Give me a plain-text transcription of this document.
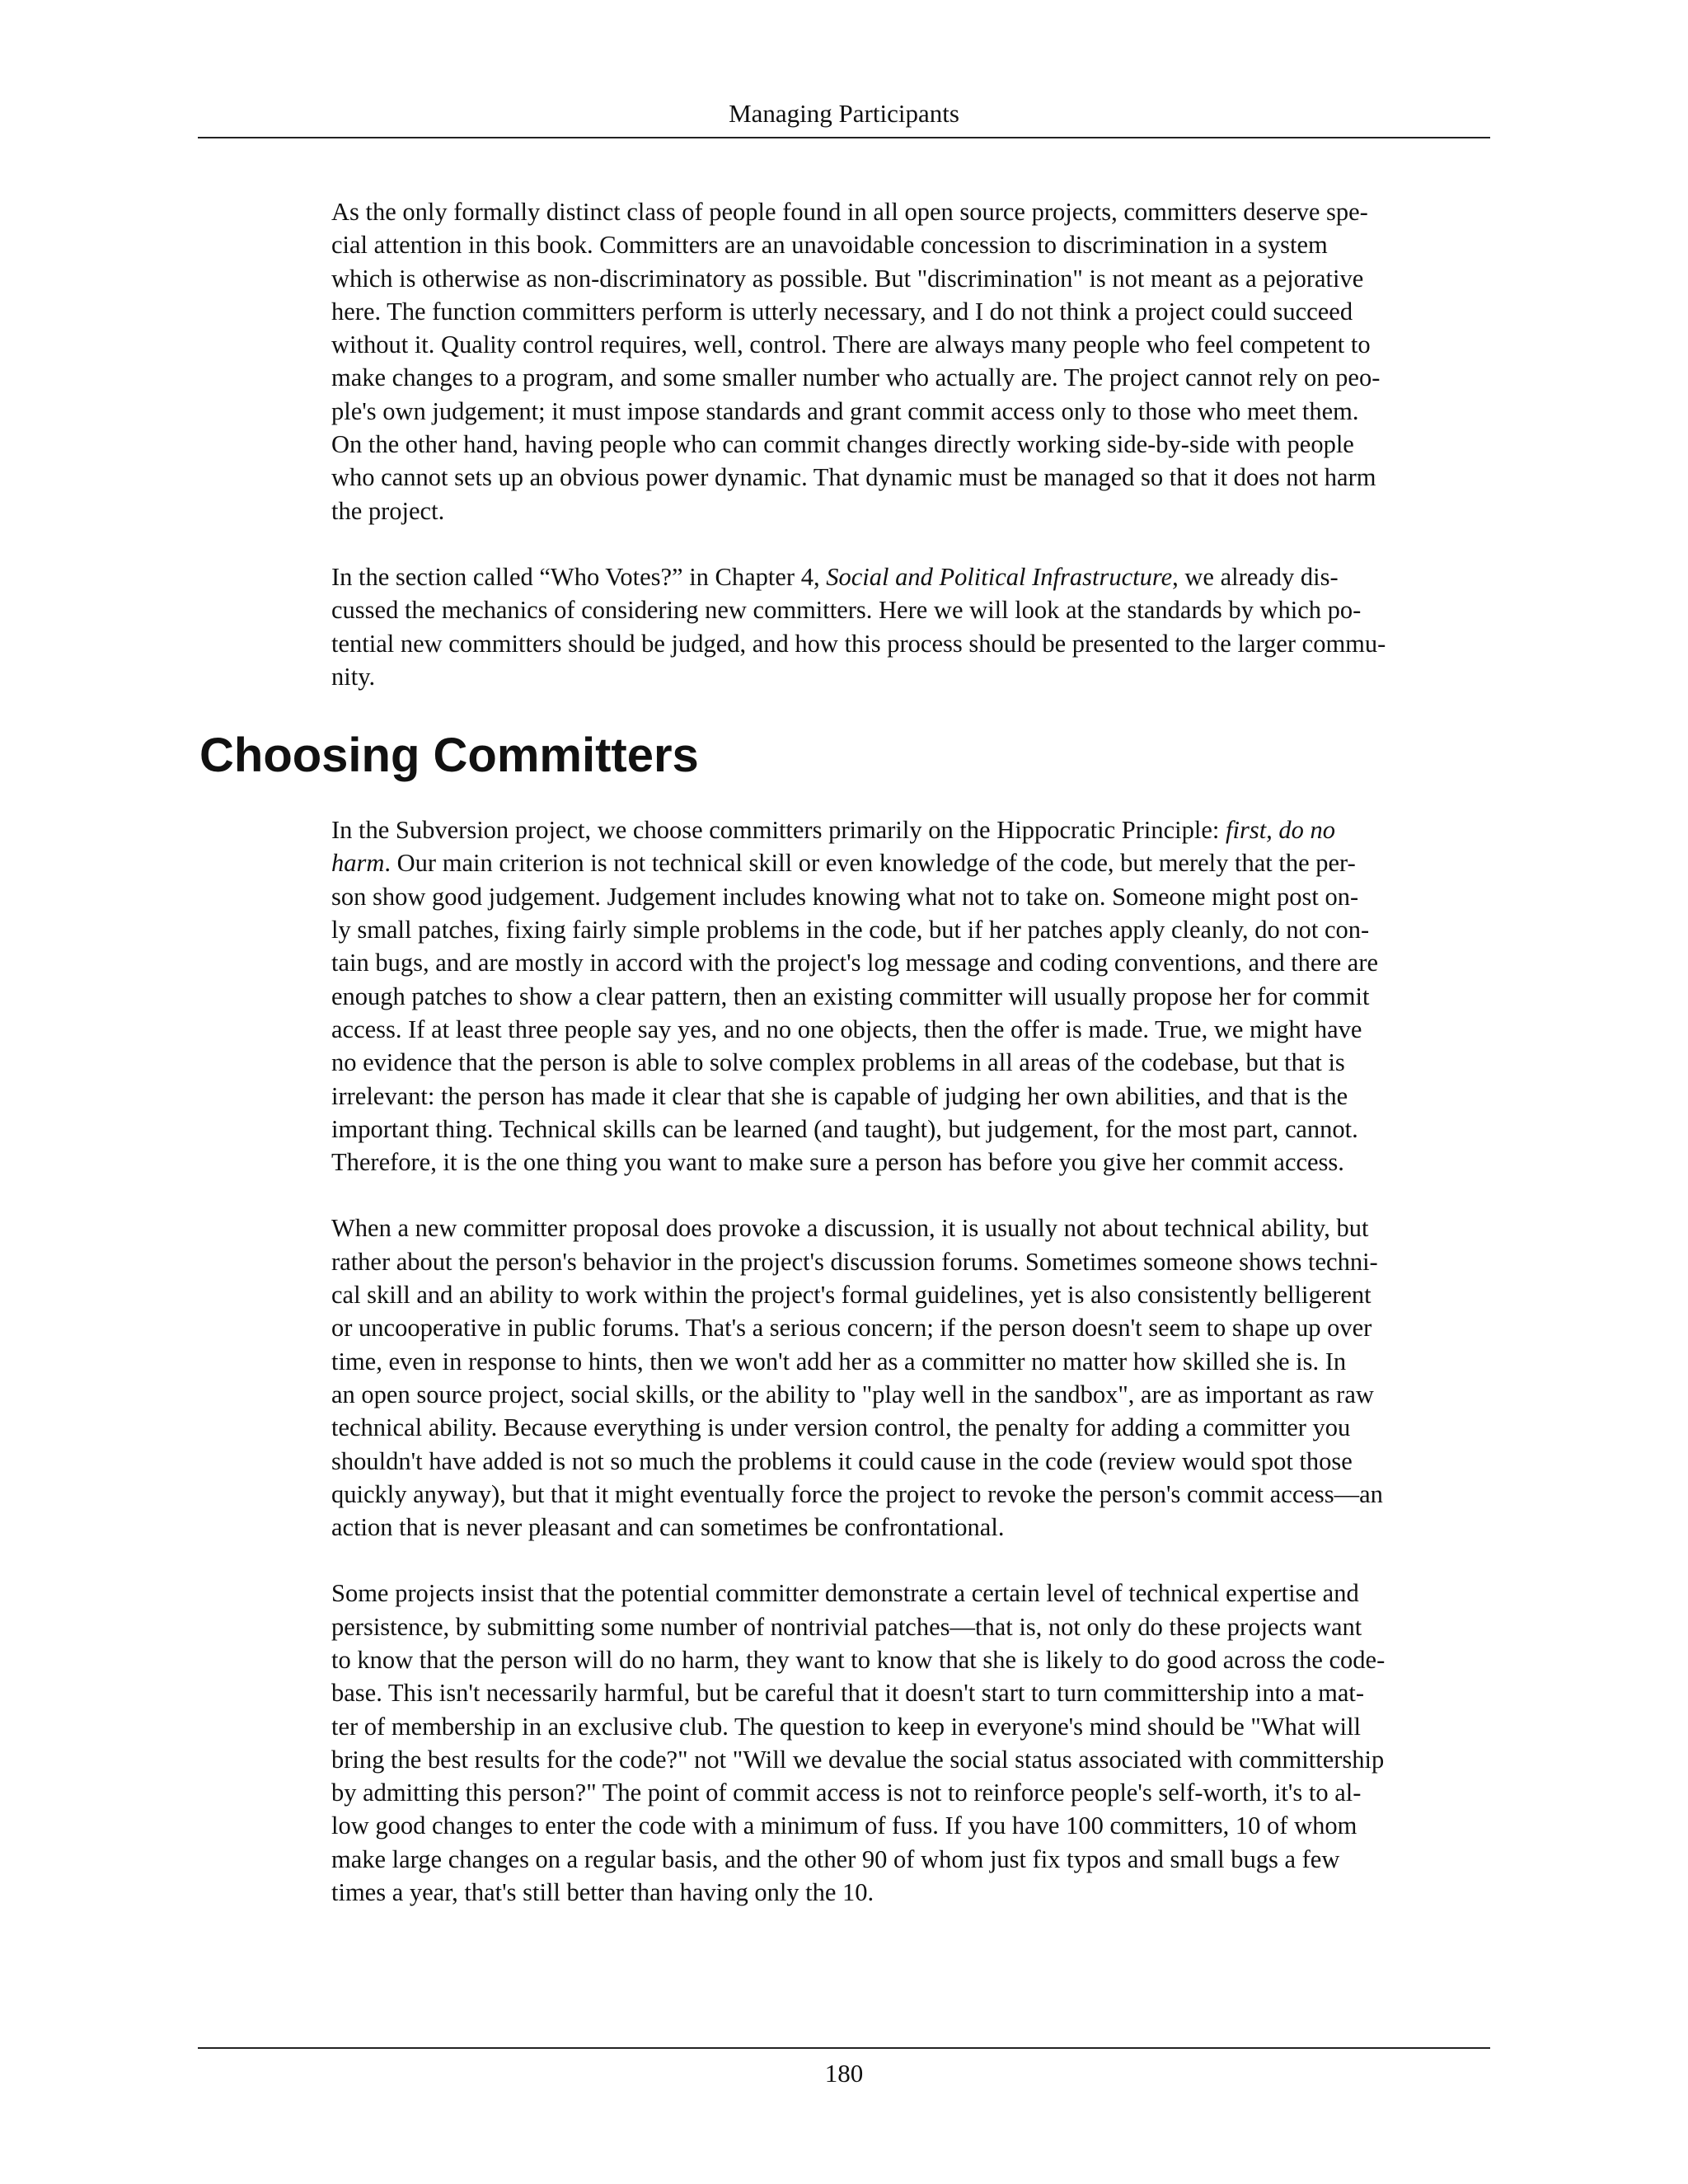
Managing Participants

As the only formally distinct class of people found in all open source projects, committers deserve spe-
cial attention in this book. Committers are an unavoidable concession to discrimination in a system
which is otherwise as non-discriminatory as possible. But "discrimination" is not meant as a pejorative
here. The function committers perform is utterly necessary, and I do not think a project could succeed
without it. Quality control requires, well, control. There are always many people who feel competent to
make changes to a program, and some smaller number who actually are. The project cannot rely on peo-
ple's own judgement; it must impose standards and grant commit access only to those who meet them.
On the other hand, having people who can commit changes directly working side-by-side with people
who cannot sets up an obvious power dynamic. That dynamic must be managed so that it does not harm
the project.

In the section called “Who Votes?” in Chapter 4, Social and Political Infrastructure, we already dis-
cussed the mechanics of considering new committers. Here we will look at the standards by which po-
tential new committers should be judged, and how this process should be presented to the larger commu-
nity.

Choosing Committers

In the Subversion project, we choose committers primarily on the Hippocratic Principle: first, do no
harm. Our main criterion is not technical skill or even knowledge of the code, but merely that the per-
son show good judgement. Judgement includes knowing what not to take on. Someone might post on-
ly small patches, fixing fairly simple problems in the code, but if her patches apply cleanly, do not con-
tain bugs, and are mostly in accord with the project's log message and coding conventions, and there are
enough patches to show a clear pattern, then an existing committer will usually propose her for commit
access. If at least three people say yes, and no one objects, then the offer is made. True, we might have
no evidence that the person is able to solve complex problems in all areas of the codebase, but that is
irrelevant: the person has made it clear that she is capable of judging her own abilities, and that is the
important thing. Technical skills can be learned (and taught), but judgement, for the most part, cannot.
Therefore, it is the one thing you want to make sure a person has before you give her commit access.

When a new committer proposal does provoke a discussion, it is usually not about technical ability, but
rather about the person's behavior in the project's discussion forums. Sometimes someone shows techni-
cal skill and an ability to work within the project's formal guidelines, yet is also consistently belligerent
or uncooperative in public forums. That's a serious concern; if the person doesn't seem to shape up over
time, even in response to hints, then we won't add her as a committer no matter how skilled she is. In
an open source project, social skills, or the ability to "play well in the sandbox", are as important as raw
technical ability. Because everything is under version control, the penalty for adding a committer you
shouldn't have added is not so much the problems it could cause in the code (review would spot those
quickly anyway), but that it might eventually force the project to revoke the person's commit access—an
action that is never pleasant and can sometimes be confrontational.

Some projects insist that the potential committer demonstrate a certain level of technical expertise and
persistence, by submitting some number of nontrivial patches—that is, not only do these projects want
to know that the person will do no harm, they want to know that she is likely to do good across the code-
base. This isn't necessarily harmful, but be careful that it doesn't start to turn committership into a mat-
ter of membership in an exclusive club. The question to keep in everyone's mind should be "What will
bring the best results for the code?" not "Will we devalue the social status associated with committership
by admitting this person?" The point of commit access is not to reinforce people's self-worth, it's to al-
low good changes to enter the code with a minimum of fuss. If you have 100 committers, 10 of whom
make large changes on a regular basis, and the other 90 of whom just fix typos and small bugs a few
times a year, that's still better than having only the 10.

180
